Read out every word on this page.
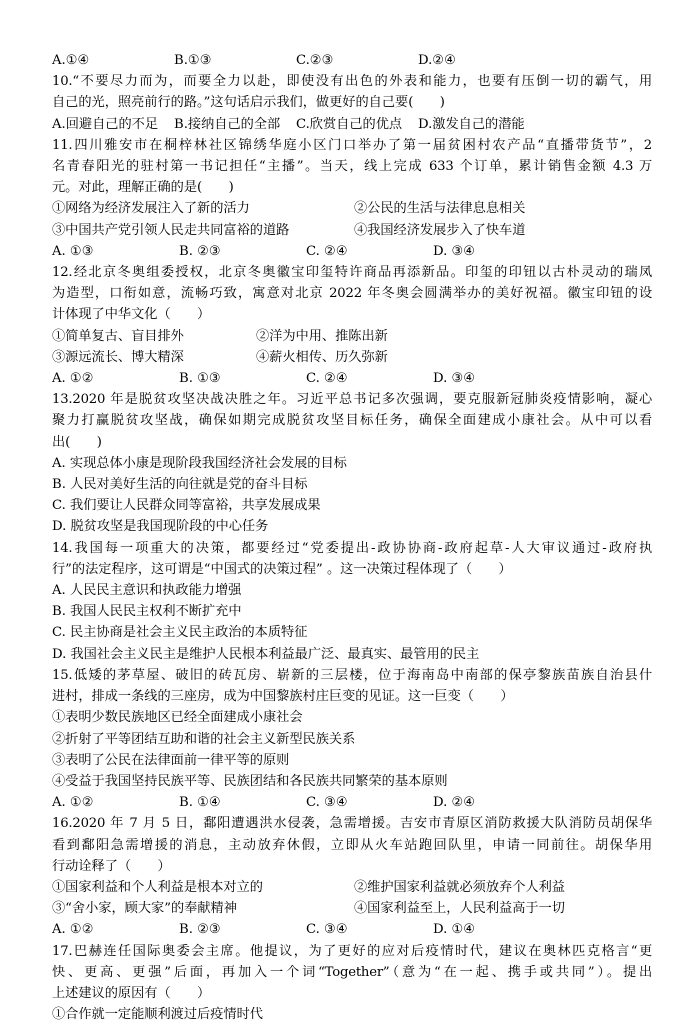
A.①④	B.①③	C.②③	D.②④
10.“不要尽力而为，而要全力以赴，即使没有出色的外表和能力，也要有压倒一切的霸气，用
自己的光，照亮前行的路。”这句话启示我们，做更好的自己要(　　)
A.回避自己的不足	B.接纳自己的全部	C.欣赏自己的优点	D.激发自己的潜能
11.四川雅安市在桐梓林社区锦绣华庭小区门口举办了第一届贫困村农产品“直播带货节”，2
名青春阳光的驻村第一书记担任“主播”。当天，线上完成 633 个订单，累计销售金额 4.3 万
元。对此，理解正确的是(　　)
①网络为经济发展注入了新的活力	②公民的生活与法律息息相关
③中国共产党引领人民走共同富裕的道路	④我国经济发展步入了快车道
A. ①③	B. ②③	C. ②④	D. ③④
12.经北京冬奥组委授权，北京冬奥徽宝印玺特许商品再添新品。印玺的印钮以古朴灵动的瑞凤
为造型，口衔如意，流畅巧致，寓意对北京 2022 年冬奥会圆满举办的美好祝福。徽宝印钮的设
计体现了中华文化（　　）
①简单复古、盲目排外	②洋为中用、推陈出新
③源远流长、博大精深	④薪火相传、历久弥新
A. ①②	B. ①③	C. ②④	D. ③④
13.2020 年是脱贫攻坚决战决胜之年。习近平总书记多次强调，要克服新冠肺炎疫情影响，凝心
聚力打赢脱贫攻坚战，确保如期完成脱贫攻坚目标任务，确保全面建成小康社会。从中可以看
出(　　)
A. 实现总体小康是现阶段我国经济社会发展的目标
B. 人民对美好生活的向往就是党的奋斗目标
C. 我们要让人民群众同等富裕，共享发展成果
D. 脱贫攻坚是我国现阶段的中心任务
14.我国每一项重大的决策，都要经过“党委提出-政协协商-政府起草-人大审议通过-政府执
行”的法定程序，这可谓是“中国式的决策过程” 。这一决策过程体现了（　　）
A. 人民民主意识和执政能力增强
B. 我国人民民主权利不断扩充中
C. 民主协商是社会主义民主政治的本质特征
D. 我国社会主义民主是维护人民根本利益最广泛、最真实、最管用的民主
15.低矮的茅草屋、破旧的砖瓦房、崭新的三层楼，位于海南岛中南部的保亭黎族苗族自治县什
进村，排成一条线的三座房，成为中国黎族村庄巨变的见证。这一巨变（　　）
①表明少数民族地区已经全面建成小康社会
②折射了平等团结互助和谐的社会主义新型民族关系
③表明了公民在法律面前一律平等的原则
④受益于我国坚持民族平等、民族团结和各民族共同繁荣的基本原则
A. ①②	B. ①④	C. ③④	D. ②④
16.2020 年 7 月 5 日，鄱阳遭遇洪水侵袭，急需增援。吉安市青原区消防救援大队消防员胡保华
看到鄱阳急需增援的消息，主动放弃休假，立即从火车站跑回队里，申请一同前往。胡保华用
行动诠释了（　　）
①国家利益和个人利益是根本对立的	②维护国家利益就必须放弃个人利益
③“舍小家，顾大家”的奉献精神	④国家利益至上，人民利益高于一切
A. ①②	B. ②③	C. ③④	D. ①④
17.巴赫连任国际奥委会主席。他提议，为了更好的应对后疫情时代，建议在奥林匹克格言“更
快、更高、更强”后面，再加入一个词“Together”（意为“在一起、携手或共同”）。提出
上述建议的原因有（　　）
①合作就一定能顺利渡过后疫情时代
